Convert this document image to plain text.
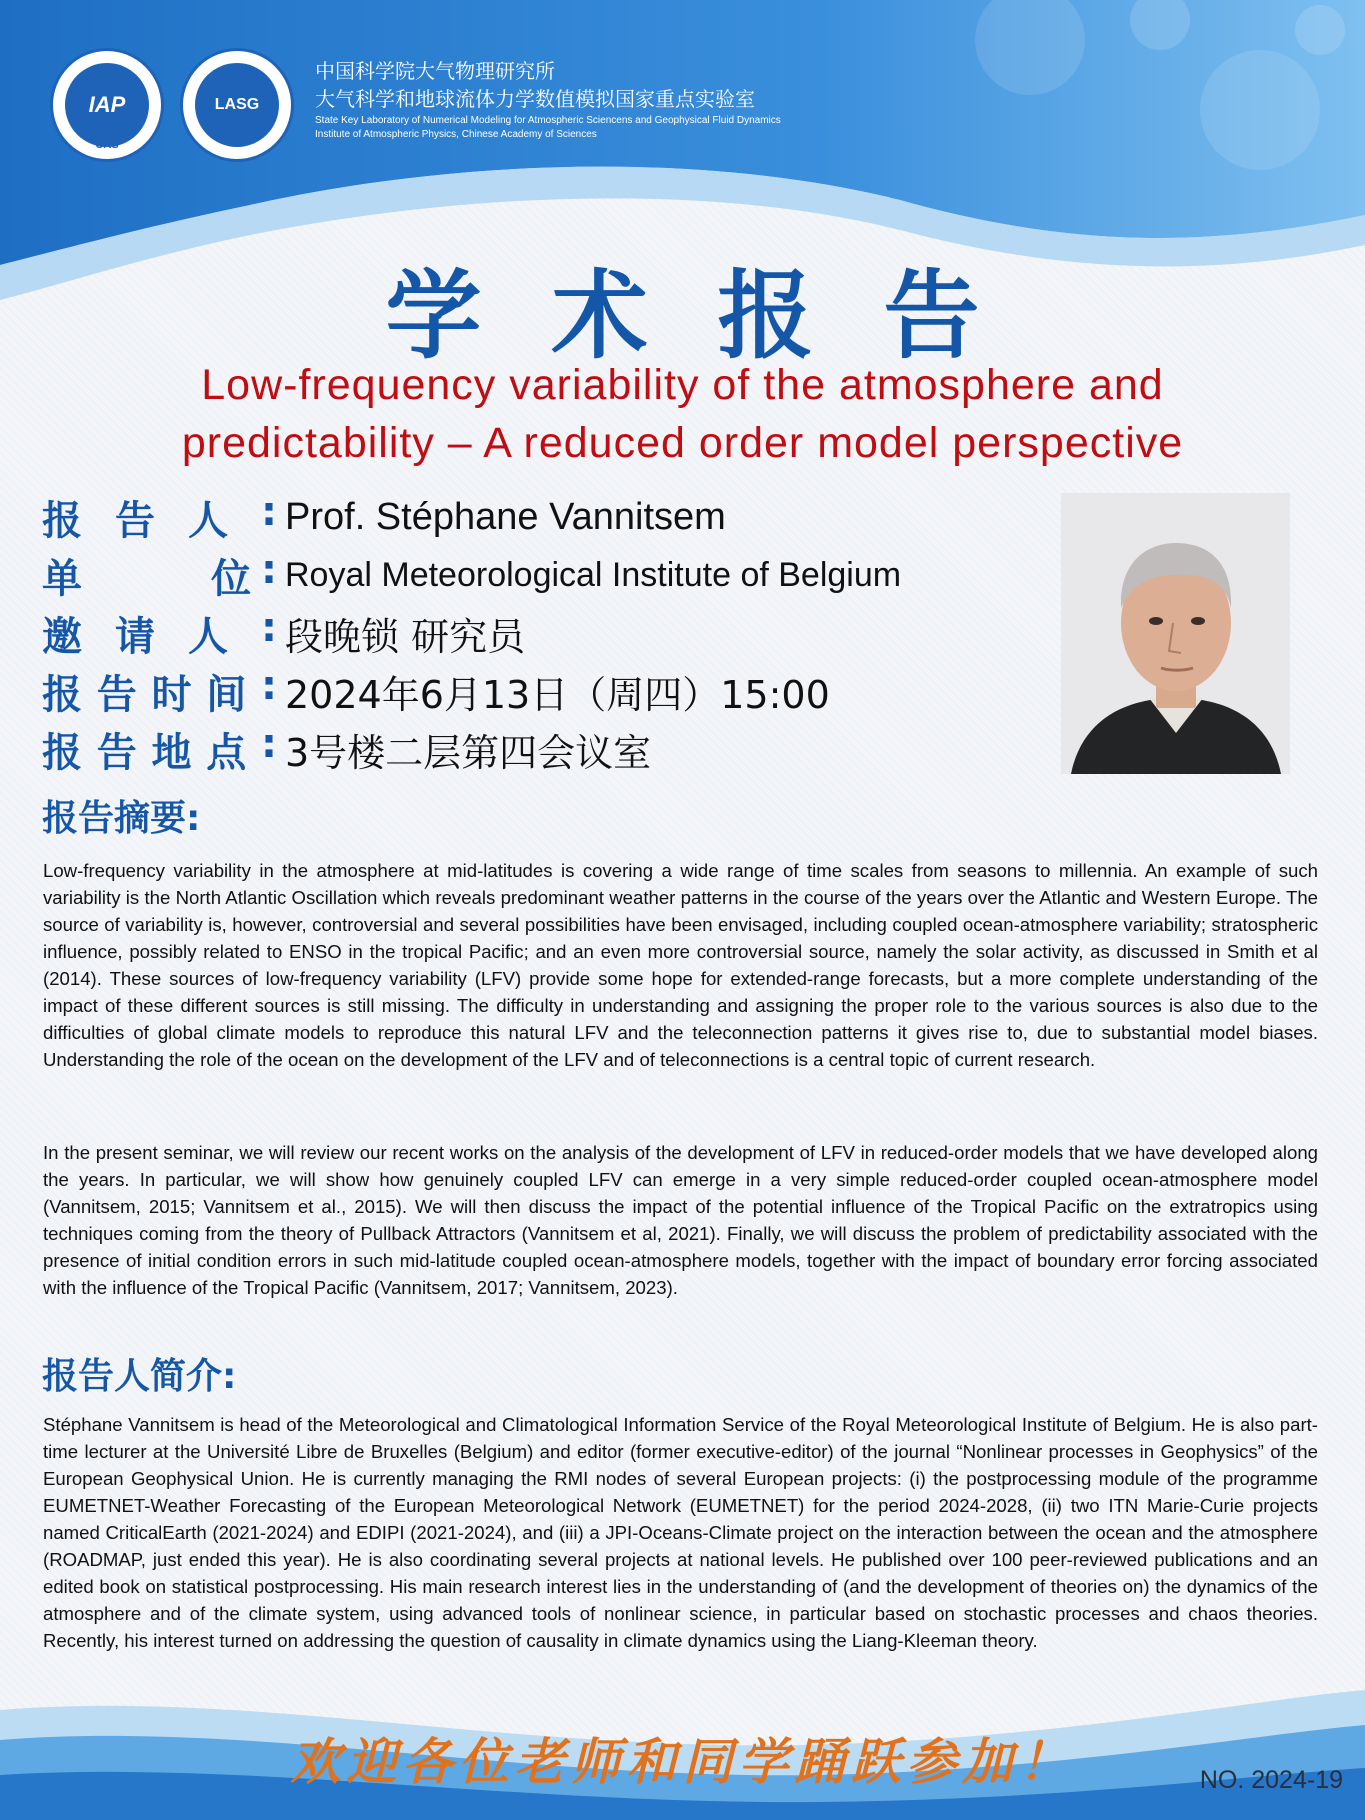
IAP
CAS
LASG
中国科学院大气物理研究所
大气科学和地球流体力学数值模拟国家重点实验室
State Key Laboratory of Numerical Modeling for Atmospheric Sciencens and Geophysical Fluid Dynamics
Institute of Atmospheric Physics, Chinese Academy of Sciences
学术报告
Low-frequency variability of the atmosphere and
predictability – A reduced order model perspective
报 告 人 : Prof. Stéphane Vannitsem
单	位 : Royal Meteorological Institute of Belgium
邀 请 人 : 段晚锁 研究员
报 告 时 间 : 2024年6月13日（周四）15:00
报 告 地 点 : 3号楼二层第四会议室
报告摘要:
Low-frequency variability in the atmosphere at mid-latitudes is covering a wide range of time scales from seasons to millennia. An example of such variability is the North Atlantic Oscillation which reveals predominant weather patterns in the course of the years over the Atlantic and Western Europe. The source of variability is, however, controversial and several possibilities have been envisaged, including coupled ocean-atmosphere variability; stratospheric influence, possibly related to ENSO in the tropical Pacific; and an even more controversial source, namely the solar activity, as discussed in Smith et al (2014). These sources of low-frequency variability (LFV) provide some hope for extended-range forecasts, but a more complete understanding of the impact of these different sources is still missing. The difficulty in understanding and assigning the proper role to the various sources is also due to the difficulties of global climate models to reproduce this natural LFV and the teleconnection patterns it gives rise to, due to substantial model biases. Understanding the role of the ocean on the development of the LFV and of teleconnections is a central topic of current research.
In the present seminar, we will review our recent works on the analysis of the development of LFV in reduced-order models that we have developed along the years. In particular, we will show how genuinely coupled LFV can emerge in a very simple reduced-order coupled ocean-atmosphere model (Vannitsem, 2015; Vannitsem et al., 2015). We will then discuss the impact of the potential influence of the Tropical Pacific on the extratropics using techniques coming from the theory of Pullback Attractors (Vannitsem et al, 2021). Finally, we will discuss the problem of predictability associated with the presence of initial condition errors in such mid-latitude coupled ocean-atmosphere models, together with the impact of boundary error forcing associated with the influence of the Tropical Pacific (Vannitsem, 2017; Vannitsem, 2023).
报告人简介:
Stéphane Vannitsem is head of the Meteorological and Climatological Information Service of the Royal Meteorological Institute of Belgium. He is also part-time lecturer at the Université Libre de Bruxelles (Belgium) and editor (former executive-editor) of the journal “Nonlinear processes in Geophysics” of the European Geophysical Union. He is currently managing the RMI nodes of several European projects: (i) the postprocessing module of the programme EUMETNET-Weather Forecasting of the European Meteorological Network (EUMETNET) for the period 2024-2028, (ii) two ITN Marie-Curie projects named CriticalEarth (2021-2024) and EDIPI (2021-2024), and (iii) a JPI-Oceans-Climate project on the interaction between the ocean and the atmosphere (ROADMAP, just ended this year). He is also coordinating several projects at national levels. He published over 100 peer-reviewed publications and an edited book on statistical postprocessing. His main research interest lies in the understanding of (and the development of theories on) the dynamics of the atmosphere and of the climate system, using advanced tools of nonlinear science, in particular based on stochastic processes and chaos theories. Recently, his interest turned on addressing the question of causality in climate dynamics using the Liang-Kleeman theory.
欢迎各位老师和同学踊跃参加！	NO. 2024-19
